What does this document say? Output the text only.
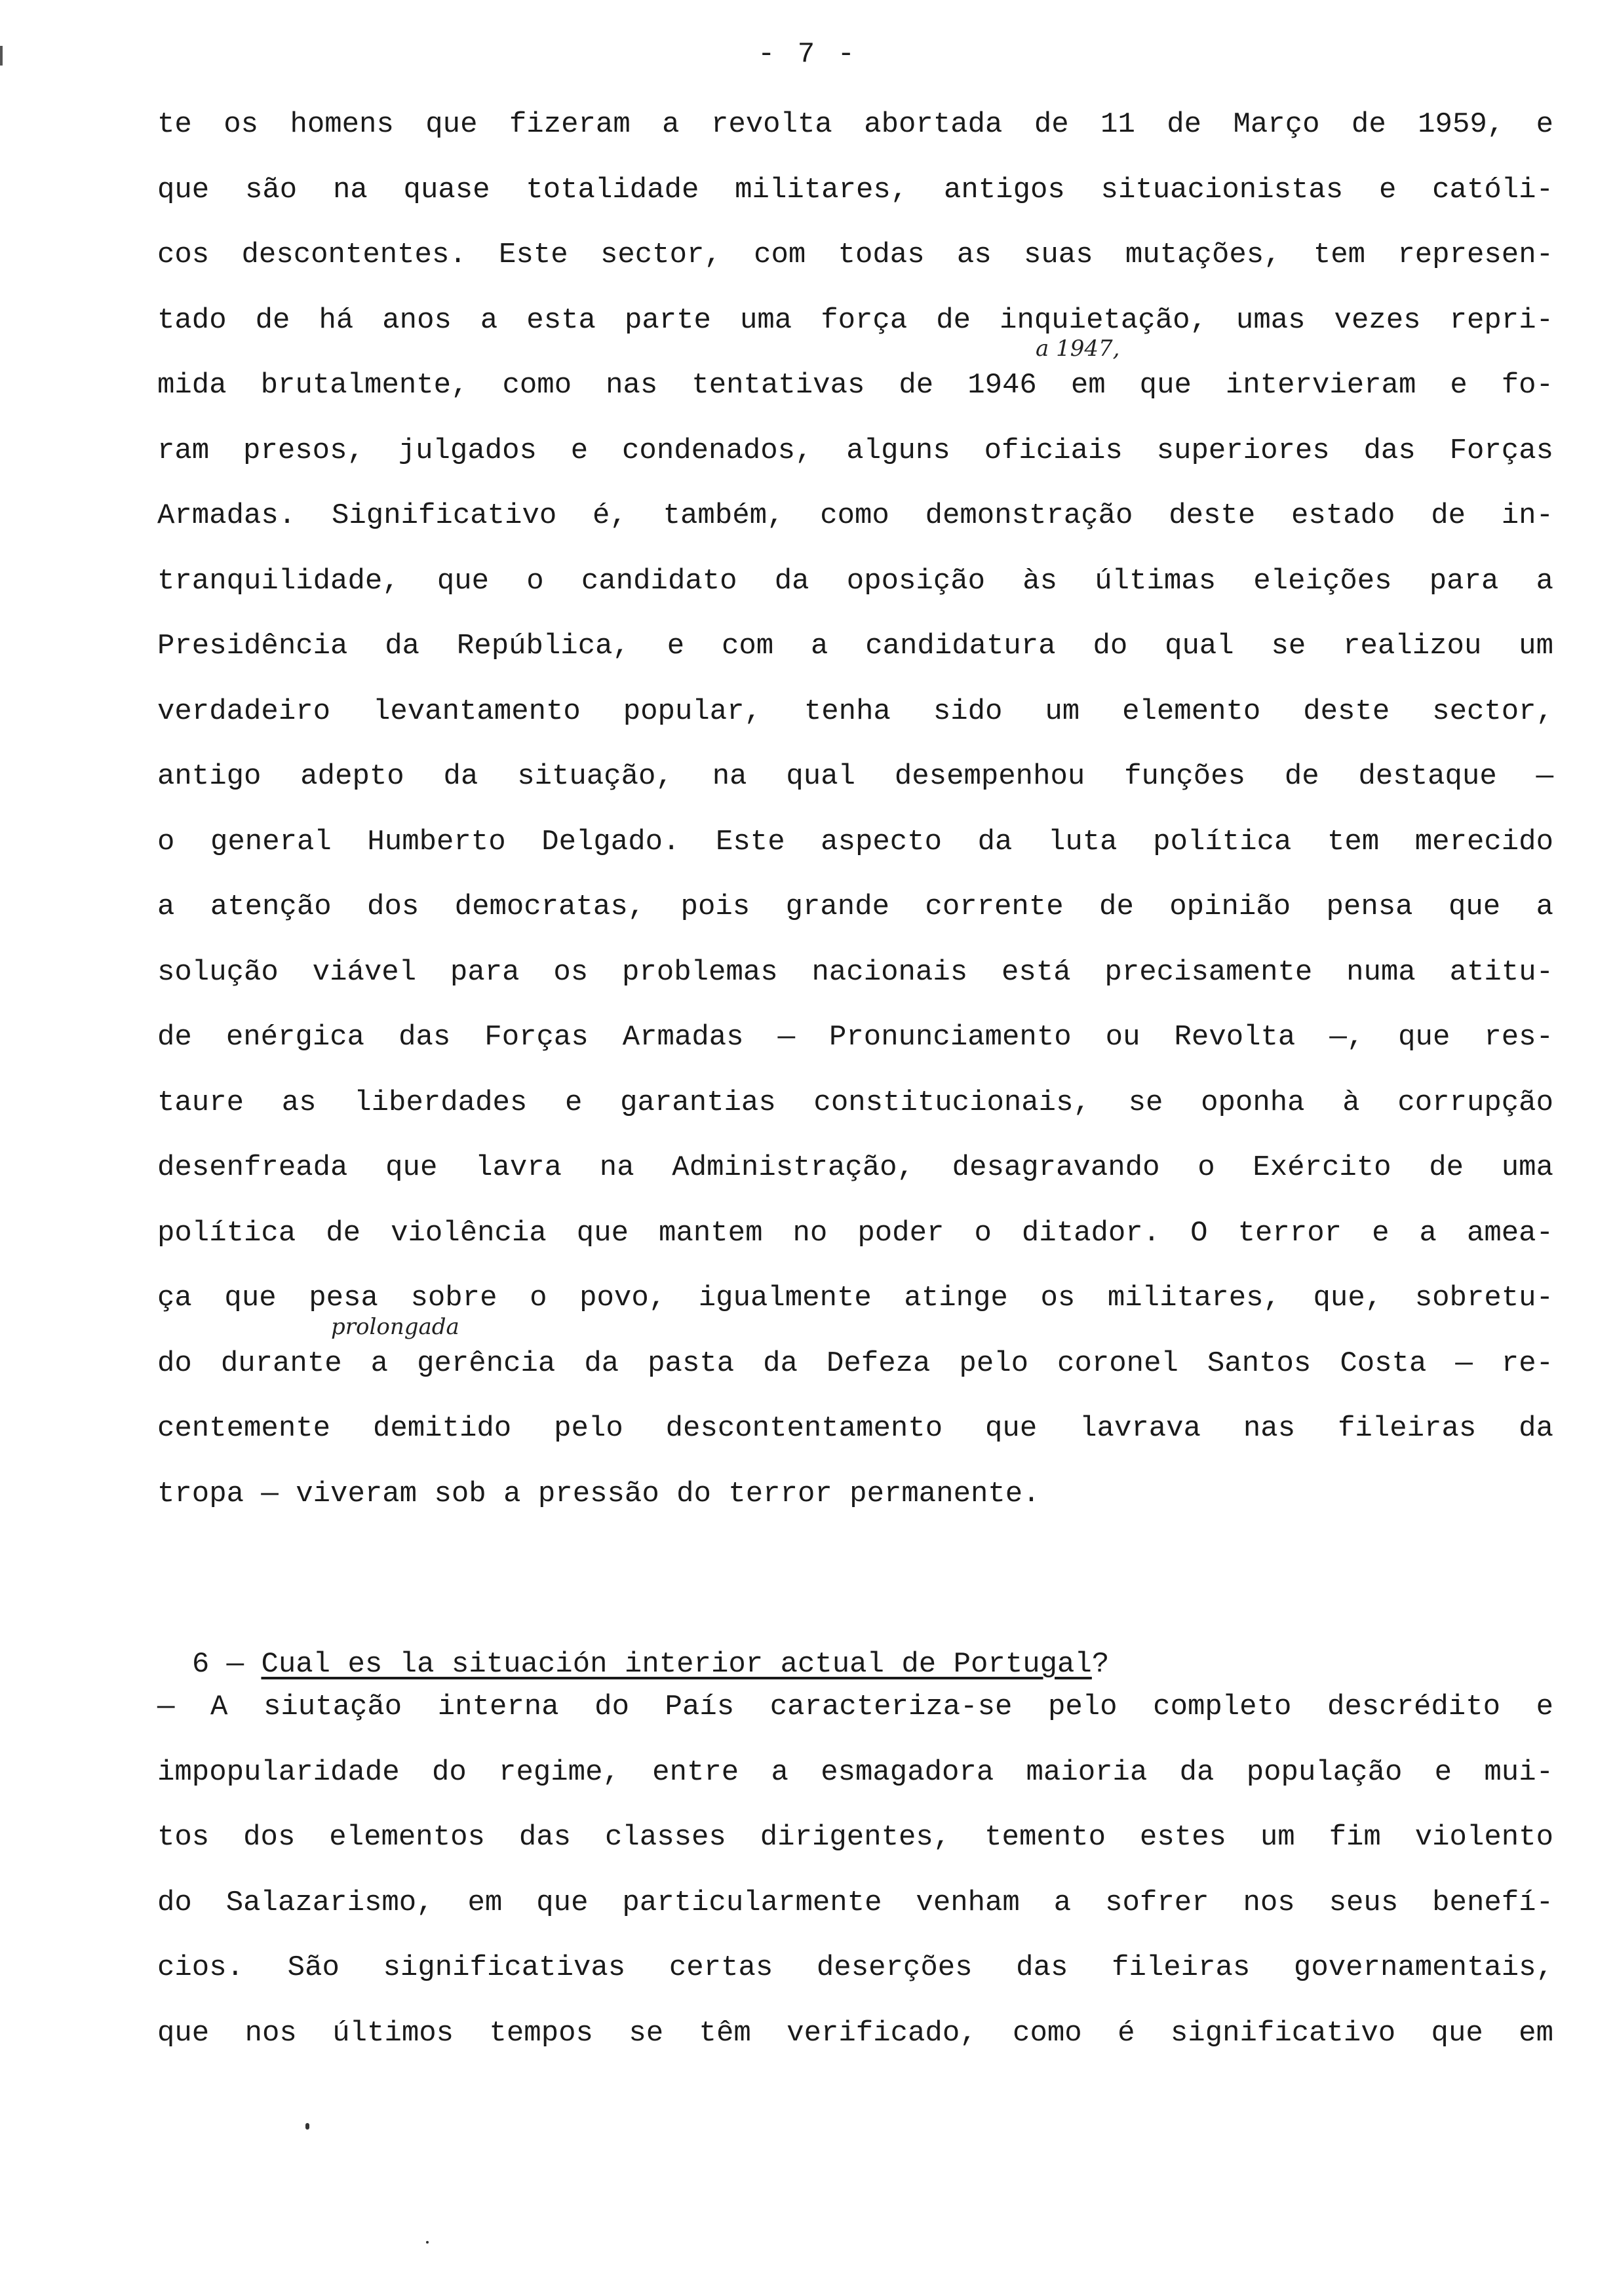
- 7 -
te os homens que fizeram a revolta abortada de 11 de Março de 1959, e
que são na quase totalidade militares, antigos situacionistas e católi-
cos descontentes. Este sector, com todas as suas mutações, tem represen-
tado de há anos a esta parte uma força de inquietação, umas vezes repri-
mida brutalmente, como nas tentativas de 1946 em que intervieram e fo-
ram presos, julgados e condenados, alguns oficiais superiores das Forças
Armadas. Significativo é, também, como demonstração deste estado de in-
tranquilidade, que o candidato da oposição às últimas eleições para a
Presidência da República, e com a candidatura do qual se realizou um
verdadeiro levantamento popular, tenha sido um elemento deste sector,
antigo adepto da situação, na qual desempenhou funções de destaque —
o general Humberto Delgado. Este aspecto da luta política tem merecido
a atenção dos democratas, pois grande corrente de opinião pensa que a
solução viável para os problemas nacionais está precisamente numa atitu-
de enérgica das Forças Armadas — Pronunciamento ou Revolta —, que res-
taure as liberdades e garantias constitucionais, se oponha à corrupção
desenfreada que lavra na Administração, desagravando o Exército de uma
política de violência que mantem no poder o ditador. O terror e a amea-
ça que pesa sobre o povo, igualmente atinge os militares, que, sobretu-
do durante a gerência da pasta da Defeza pelo coronel Santos Costa — re-
centemente demitido pelo descontentamento que lavrava nas fileiras da
tropa — viveram sob a pressão do terror permanente.

6 — Cual es la situación interior actual de Portugal?

— A siutação interna do País caracteriza-se pelo completo descrédito e
impopularidade do regime, entre a esmagadora maioria da população e mui-
tos dos elementos das classes dirigentes, temento estes um fim violento
do Salazarismo, em que particularmente venham a sofrer nos seus benefí-
cios. São significativas certas deserções das fileiras governamentais,
que nos últimos tempos se têm verificado, como é significativo que em
a 1947,
prolongada
